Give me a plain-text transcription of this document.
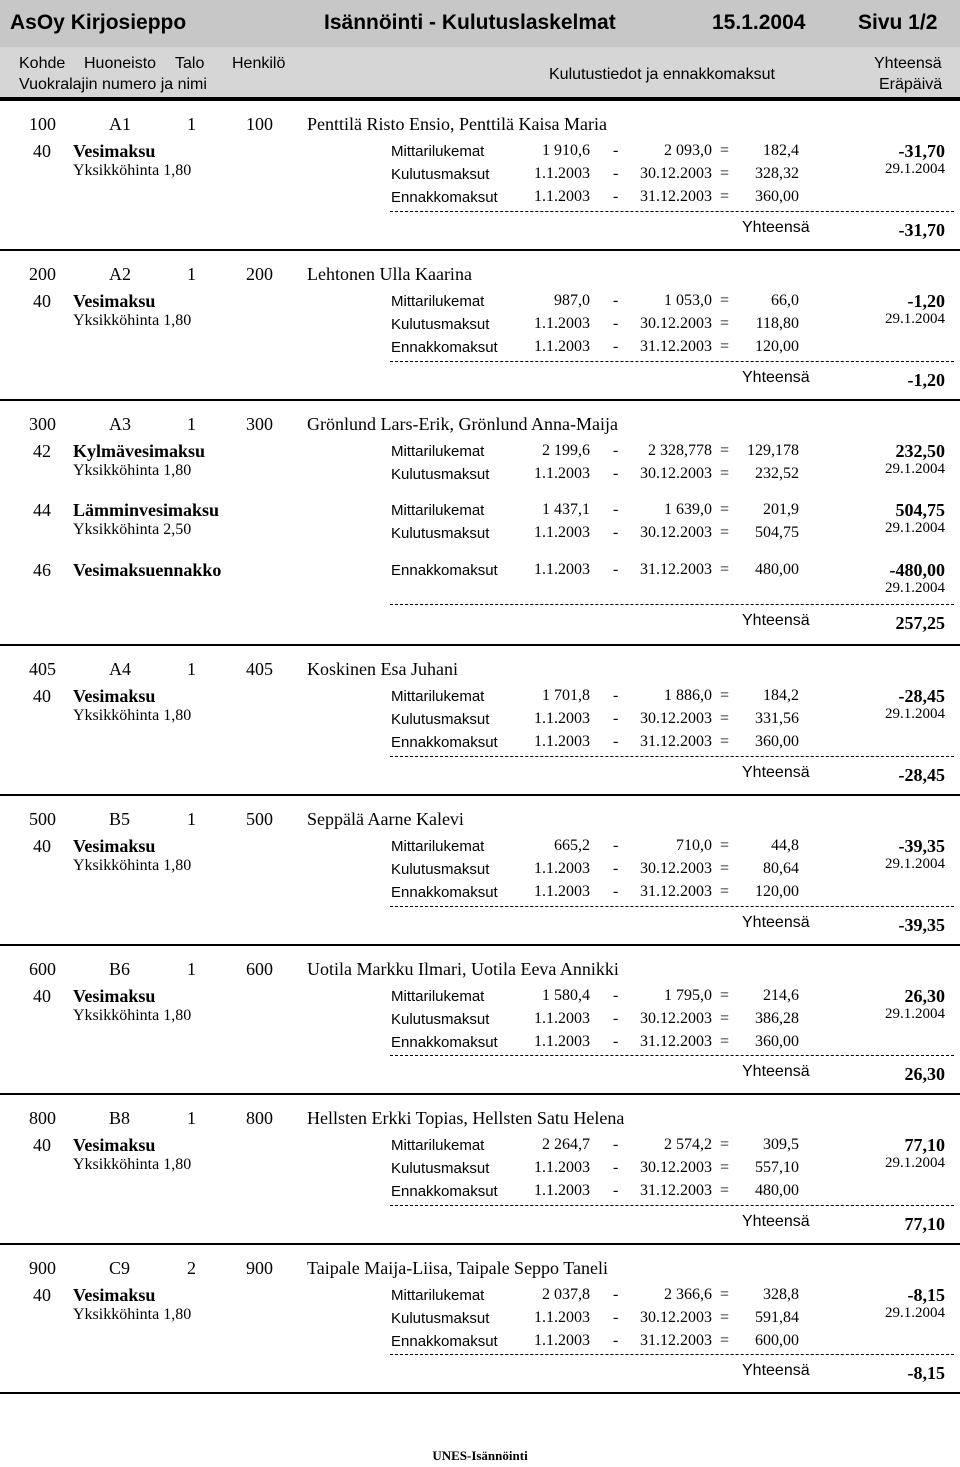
AsOy Kirjosieppo	Isännöinti - Kulutuslaskelmat	15.1.2004	Sivu 1/2
Kohde Huoneisto Talo Henkilö
Vuokralajin numero ja nimi
Kulutustiedot ja ennakkomaksut
Yhteensä
Eräpäivä
100	A1	1	100 Penttilä Risto Ensio, Penttilä Kaisa Maria
40 Vesimaksu
Yksikköhinta 1,80
Mittarilukemat	1 910,6 -	2 093,0 = 182,4
Kulutusmaksut	1.1.2003 - 30.12.2003 = 328,32
Ennakkomaksut 1.1.2003 - 31.12.2003 = 360,00
-31,70
29.1.2004
Yhteensä	-31,70
200	A2	1	200 Lehtonen Ulla Kaarina
40 Vesimaksu
Yksikköhinta 1,80
Mittarilukemat	987,0 -	1 053,0 =	66,0
Kulutusmaksut	1.1.2003 - 30.12.2003 = 118,80
Ennakkomaksut 1.1.2003 - 31.12.2003 = 120,00
-1,20
29.1.2004
Yhteensä	-1,20
300	A3	1	300 Grönlund Lars-Erik, Grönlund Anna-Maija
42 Kylmävesimaksu
Yksikköhinta 1,80
Mittarilukemat	2 199,6 - 2 328,778 = 129,178
Kulutusmaksut	1.1.2003 - 30.12.2003 = 232,52
232,50
29.1.2004
44 Lämminvesimaksu
Yksikköhinta 2,50
Mittarilukemat	1 437,1 -	1 639,0 = 201,9
Kulutusmaksut	1.1.2003 - 30.12.2003 = 504,75
504,75
29.1.2004
46 Vesimaksuennakko	Ennakkomaksut 1.1.2003 - 31.12.2003 = 480,00	-480,00
29.1.2004
Yhteensä	257,25
405	A4	1	405 Koskinen Esa Juhani
40 Vesimaksu
Yksikköhinta 1,80
Mittarilukemat	1 701,8 -	1 886,0 = 184,2
Kulutusmaksut	1.1.2003 - 30.12.2003 = 331,56
Ennakkomaksut 1.1.2003 - 31.12.2003 = 360,00
-28,45
29.1.2004
Yhteensä	-28,45
500	B5	1	500 Seppälä Aarne Kalevi
40 Vesimaksu
Yksikköhinta 1,80
Mittarilukemat	665,2 -	710,0 =	44,8
Kulutusmaksut	1.1.2003 - 30.12.2003 = 80,64
Ennakkomaksut 1.1.2003 - 31.12.2003 = 120,00
-39,35
29.1.2004
Yhteensä	-39,35
600	B6	1	600 Uotila Markku Ilmari, Uotila Eeva Annikki
40 Vesimaksu
Yksikköhinta 1,80
Mittarilukemat	1 580,4 -	1 795,0 = 214,6
Kulutusmaksut	1.1.2003 - 30.12.2003 = 386,28
Ennakkomaksut 1.1.2003 - 31.12.2003 = 360,00
26,30
29.1.2004
Yhteensä	26,30
800	B8	1	800 Hellsten Erkki Topias, Hellsten Satu Helena
40 Vesimaksu
Yksikköhinta 1,80
Mittarilukemat	2 264,7 -	2 574,2 = 309,5
Kulutusmaksut	1.1.2003 - 30.12.2003 = 557,10
Ennakkomaksut 1.1.2003 - 31.12.2003 = 480,00
77,10
29.1.2004
Yhteensä	77,10
900	C9	2	900 Taipale Maija-Liisa, Taipale Seppo Taneli
40 Vesimaksu
Yksikköhinta 1,80
Mittarilukemat	2 037,8 -	2 366,6 = 328,8
Kulutusmaksut	1.1.2003 - 30.12.2003 = 591,84
Ennakkomaksut 1.1.2003 - 31.12.2003 = 600,00
-8,15
29.1.2004
Yhteensä	-8,15
UNES-Isännöinti
